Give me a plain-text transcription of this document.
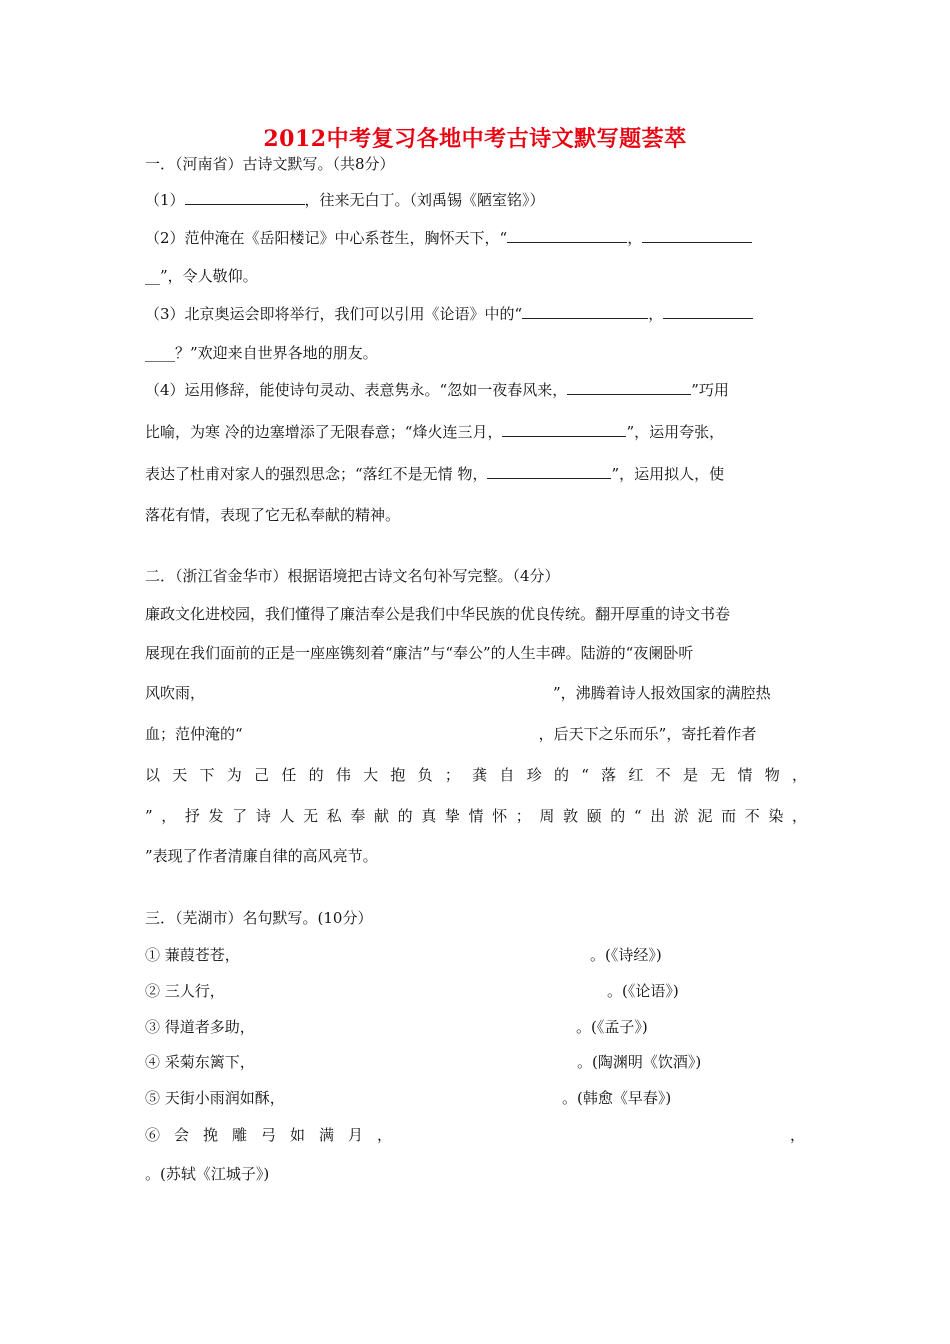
2012中考复习各地中考古诗文默写题荟萃
一．（河南省）古诗文默写。（共8分）
（1）	，往来无白丁。（刘禹锡《陋室铭》）
（2）范仲淹在《岳阳楼记》中心系苍生，胸怀天下，“	，
__”，令人敬仰。
（3）北京奥运会即将举行，我们可以引用《论语》中的“	，
____？”欢迎来自世界各地的朋友。
（4）运用修辞，能使诗句灵动、表意隽永。“忽如一夜春风来，	”巧用
比喻，为寒 冷的边塞增添了无限春意；“烽火连三月，	”，运用夸张，
表达了杜甫对家人的强烈思念；“落红不是无情 物，	”，运用拟人，使
落花有情，表现了它无私奉献的精神。
二．（浙江省金华市）根据语境把古诗文名句补写完整。（4分）
廉政文化进校园，我们懂得了廉洁奉公是我们中华民族的优良传统。翻开厚重的诗文书卷
展现在我们面前的正是一座座镌刻着“廉洁”与“奉公”的人生丰碑。陆游的“夜阑卧听
风吹雨，	”，沸腾着诗人报效国家的满腔热
血；范仲淹的“	，后天下之乐而乐”，寄托着作者
以天下为己任的伟大抱负；龚自珍的“落红不是无情物，
”，抒发了诗人无私奉献的真挚情怀；周敦颐的“出淤泥而不染，
”表现了作者清廉自律的高风亮节。
三．（芜湖市）名句默写。(10分）
① 蒹葭苍苍，	。(《诗经》)
② 三人行，	。(《论语》)
③ 得道者多助，	。(《孟子》)
④ 采菊东篱下，	。(陶渊明《饮酒》)
⑤ 天街小雨润如酥，	。(韩愈《早春》)
⑥会挽雕弓如满月，	，
。(苏轼《江城子》)
